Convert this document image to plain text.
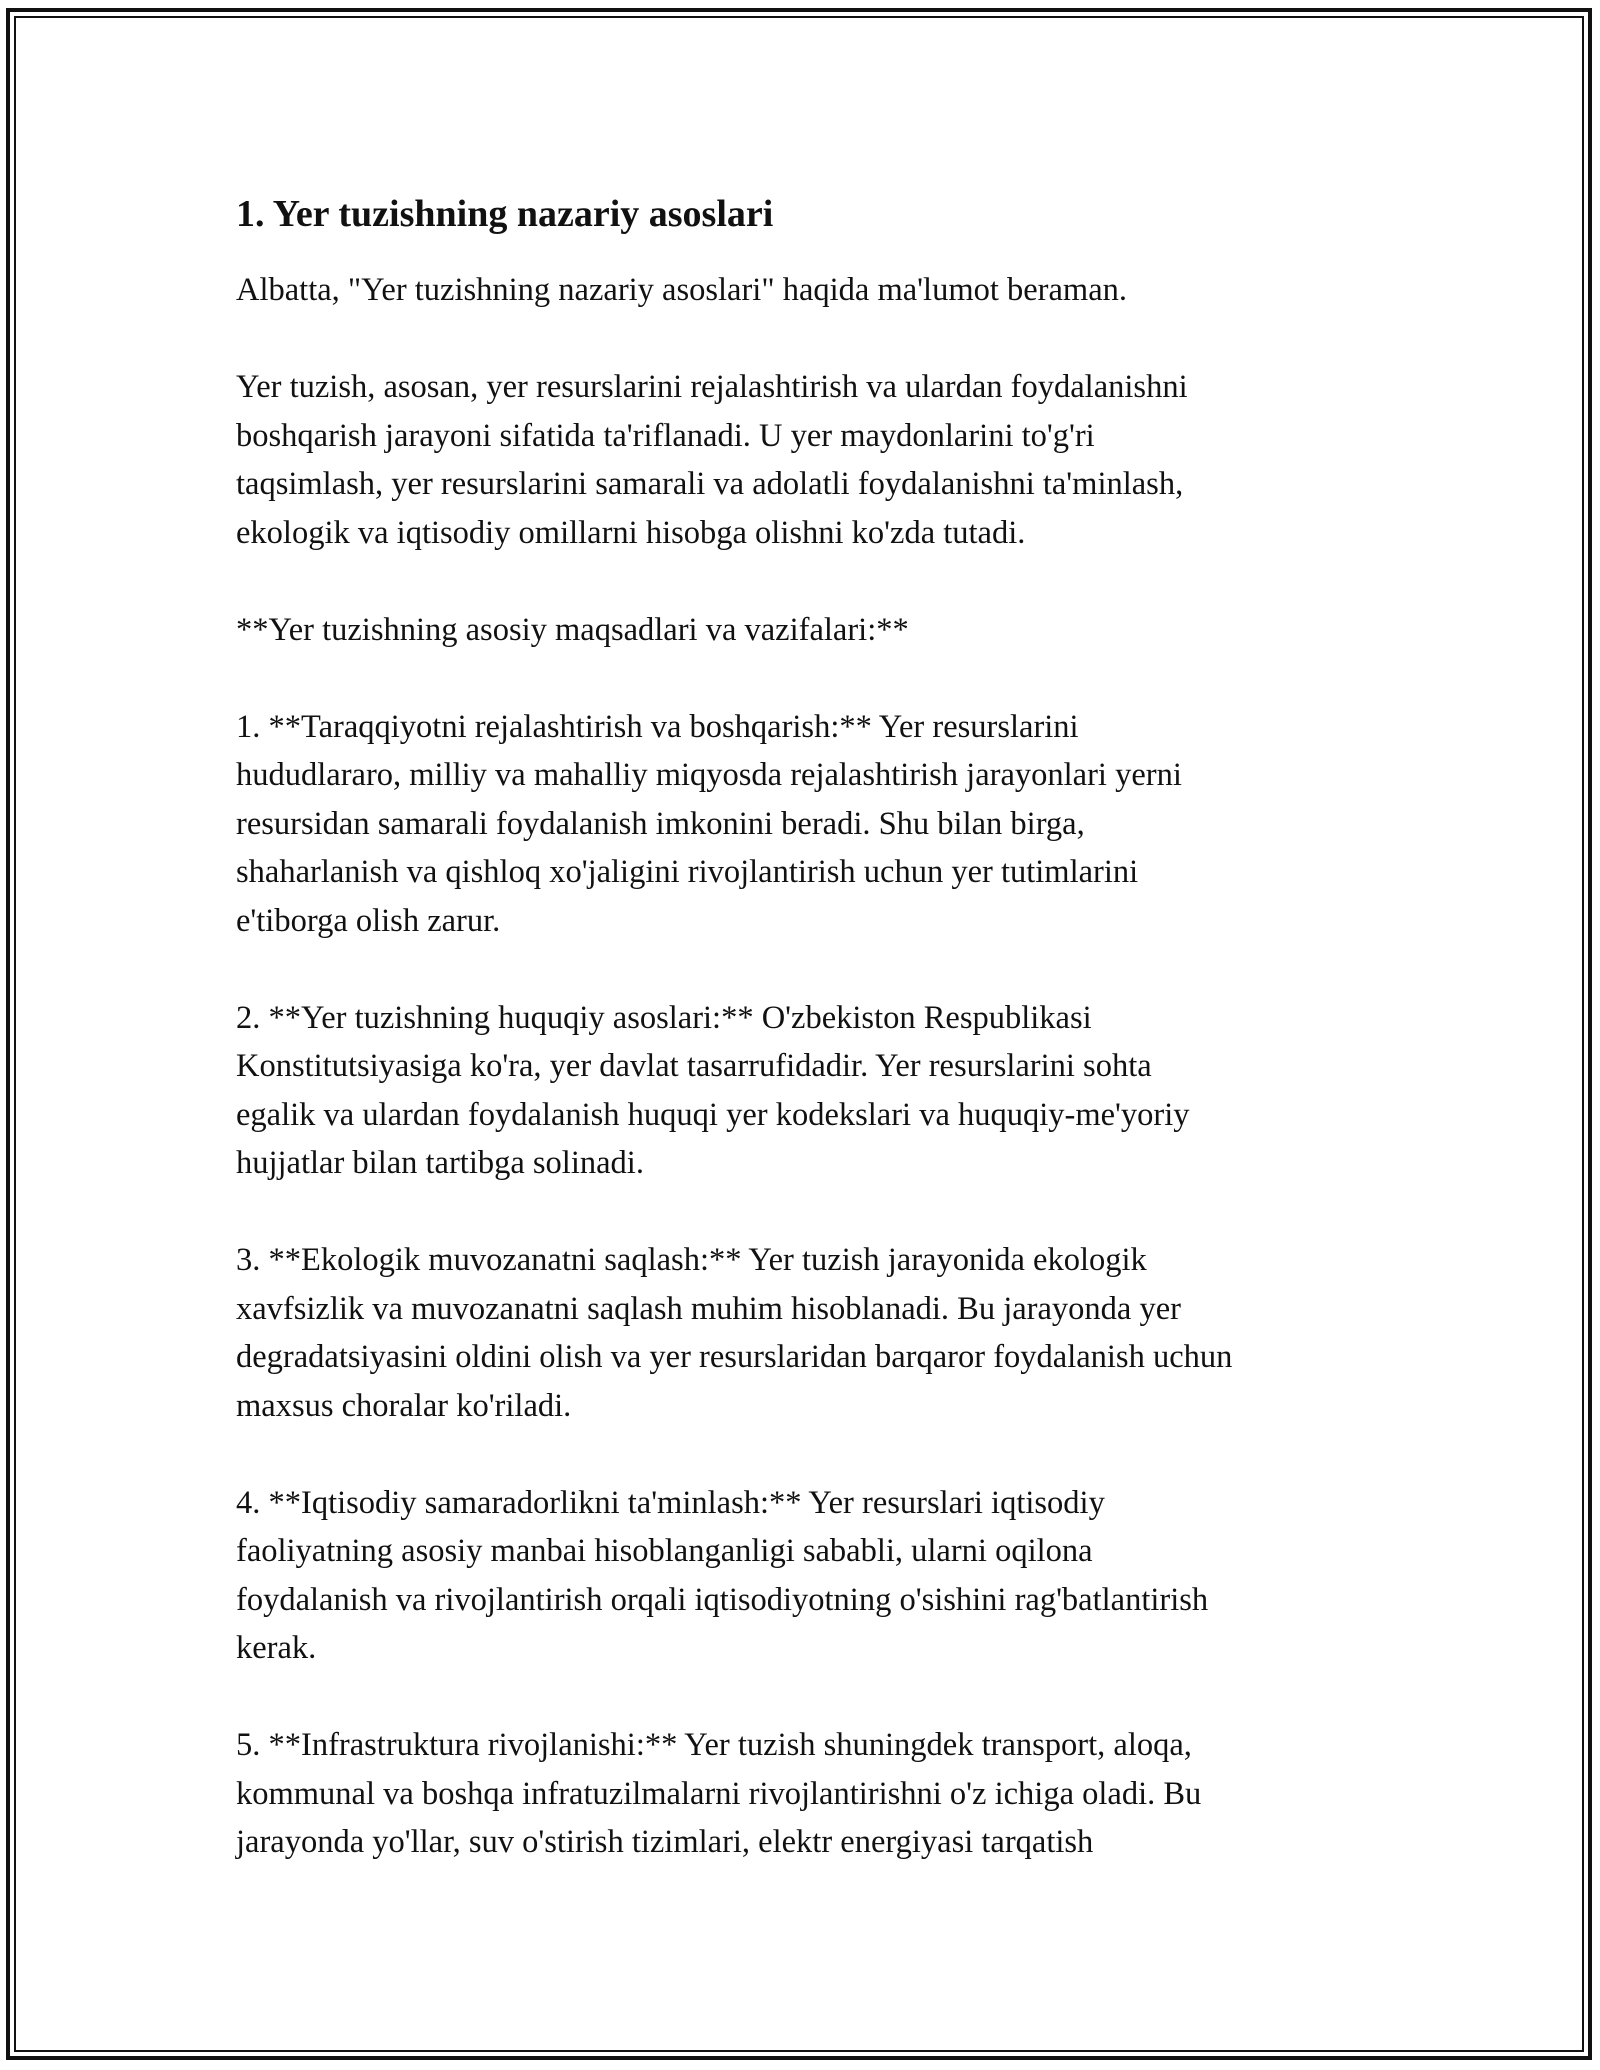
1. Yer tuzishning nazariy asoslari
Albatta, "Yer tuzishning nazariy asoslari" haqida ma'lumot beraman.
Yer tuzish, asosan, yer resurslarini rejalashtirish va ulardan foydalanishni
boshqarish jarayoni sifatida ta'riflanadi. U yer maydonlarini to'g'ri
taqsimlash, yer resurslarini samarali va adolatli foydalanishni ta'minlash,
ekologik va iqtisodiy omillarni hisobga olishni ko'zda tutadi.
**Yer tuzishning asosiy maqsadlari va vazifalari:**
1. **Taraqqiyotni rejalashtirish va boshqarish:** Yer resurslarini
hududlararo, milliy va mahalliy miqyosda rejalashtirish jarayonlari yerni
resursidan samarali foydalanish imkonini beradi. Shu bilan birga,
shaharlanish va qishloq xo'jaligini rivojlantirish uchun yer tutimlarini
e'tiborga olish zarur.
2. **Yer tuzishning huquqiy asoslari:** O'zbekiston Respublikasi
Konstitutsiyasiga ko'ra, yer davlat tasarrufidadir. Yer resurslarini sohta
egalik va ulardan foydalanish huquqi yer kodekslari va huquqiy-me'yoriy
hujjatlar bilan tartibga solinadi.
3. **Ekologik muvozanatni saqlash:** Yer tuzish jarayonida ekologik
xavfsizlik va muvozanatni saqlash muhim hisoblanadi. Bu jarayonda yer
degradatsiyasini oldini olish va yer resurslaridan barqaror foydalanish uchun
maxsus choralar ko'riladi.
4. **Iqtisodiy samaradorlikni ta'minlash:** Yer resurslari iqtisodiy
faoliyatning asosiy manbai hisoblanganligi sababli, ularni oqilona
foydalanish va rivojlantirish orqali iqtisodiyotning o'sishini rag'batlantirish
kerak.
5. **Infrastruktura rivojlanishi:** Yer tuzish shuningdek transport, aloqa,
kommunal va boshqa infratuzilmalarni rivojlantirishni o'z ichiga oladi. Bu
jarayonda yo'llar, suv o'stirish tizimlari, elektr energiyasi tarqatish
